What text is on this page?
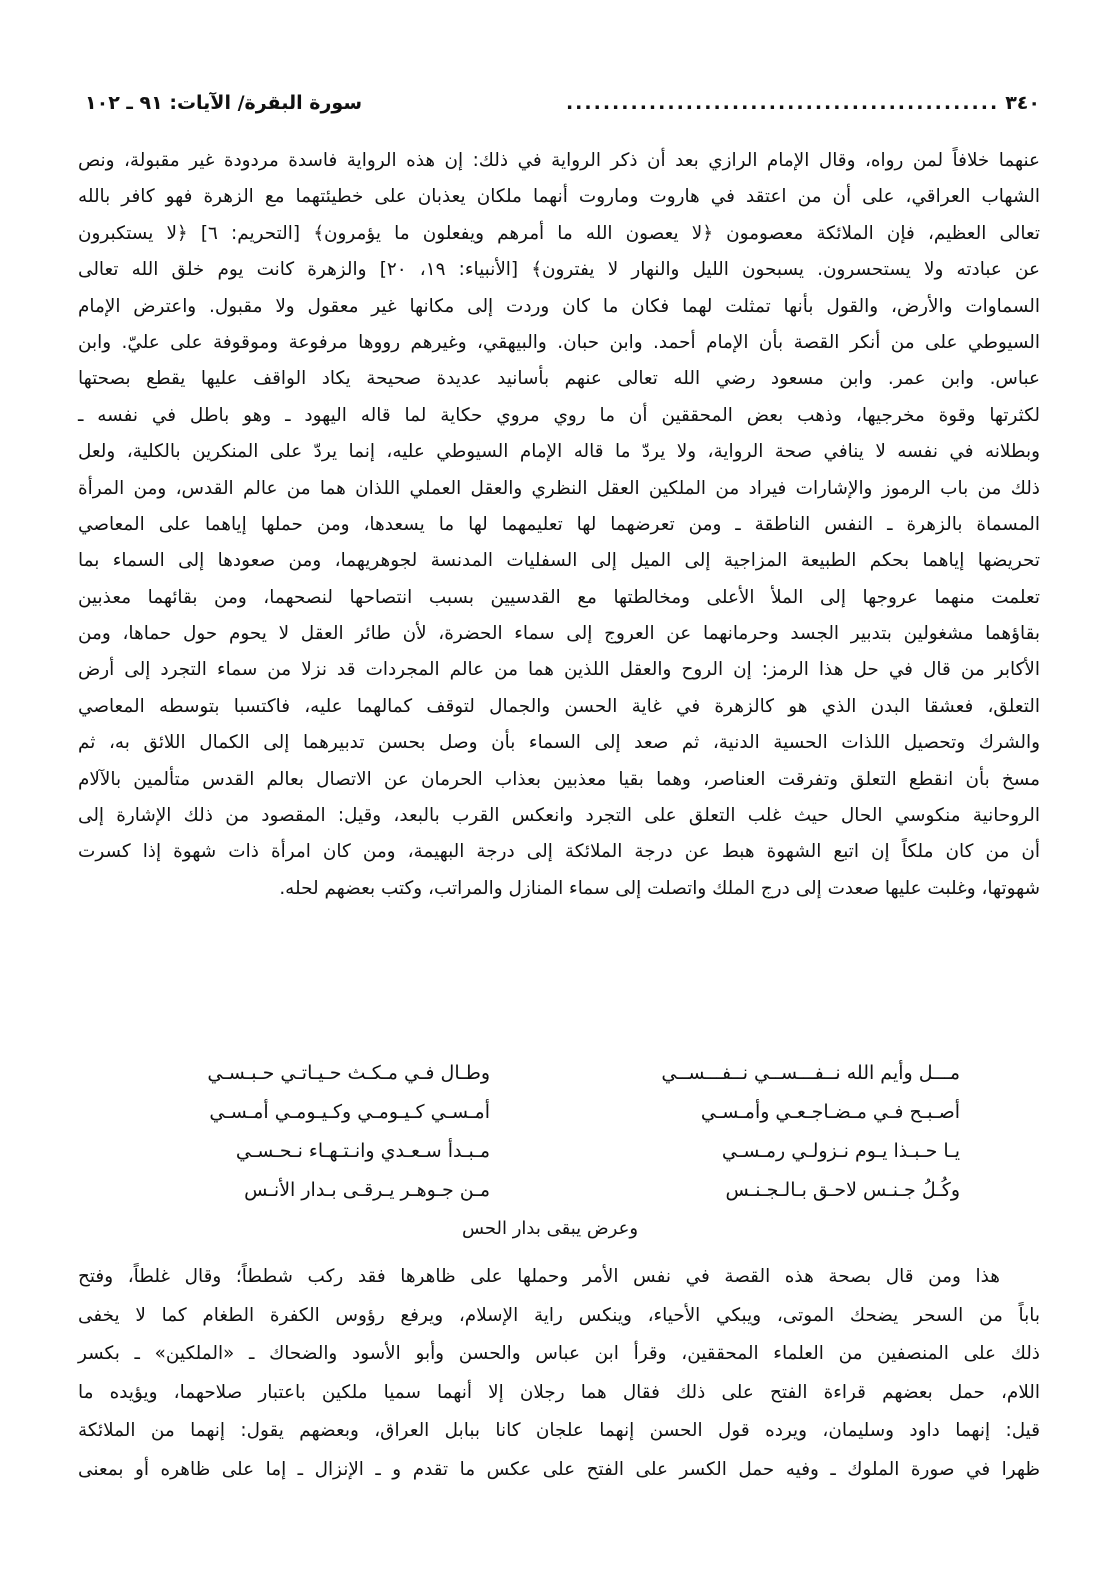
٣٤٠
...............................................
سورة البقرة/ الآيات: ٩١ ـ ١٠٢
عنهما خلافاً لمن رواه، وقال الإمام الرازي بعد أن ذكر الرواية في ذلك: إن هذه الرواية فاسدة مردودة غير مقبولة، ونص
الشهاب العراقي، على أن من اعتقد في هاروت وماروت أنهما ملكان يعذبان على خطيئتهما مع الزهرة فهو كافر بالله
تعالى العظيم، فإن الملائكة معصومون ﴿لا يعصون الله ما أمرهم ويفعلون ما يؤمرون﴾ [التحريم: ٦] ﴿لا يستكبرون
عن عبادته ولا يستحسرون. يسبحون الليل والنهار لا يفترون﴾ [الأنبياء: ١٩، ٢٠] والزهرة كانت يوم خلق الله تعالى
السماوات والأرض، والقول بأنها تمثلت لهما فكان ما كان وردت إلى مكانها غير معقول ولا مقبول. واعترض الإمام
السيوطي على من أنكر القصة بأن الإمام أحمد. وابن حبان. والبيهقي، وغيرهم رووها مرفوعة وموقوفة على عليّ. وابن
عباس. وابن عمر. وابن مسعود رضي الله تعالى عنهم بأسانيد عديدة صحيحة يكاد الواقف عليها يقطع بصحتها
لكثرتها وقوة مخرجيها، وذهب بعض المحققين أن ما روي مروي حكاية لما قاله اليهود ـ وهو باطل في نفسه ـ
وبطلانه في نفسه لا ينافي صحة الرواية، ولا يردّ ما قاله الإمام السيوطي عليه، إنما يردّ على المنكرين بالكلية، ولعل
ذلك من باب الرموز والإشارات فيراد من الملكين العقل النظري والعقل العملي اللذان هما من عالم القدس، ومن المرأة
المسماة بالزهرة ـ النفس الناطقة ـ ومن تعرضهما لها تعليمهما لها ما يسعدها، ومن حملها إياهما على المعاصي
تحريضها إياهما بحكم الطبيعة المزاجية إلى الميل إلى السفليات المدنسة لجوهريهما، ومن صعودها إلى السماء بما
تعلمت منهما عروجها إلى الملأ الأعلى ومخالطتها مع القدسيين بسبب انتصاحها لنصحهما، ومن بقائهما معذبين
بقاؤهما مشغولين بتدبير الجسد وحرمانهما عن العروج إلى سماء الحضرة، لأن طائر العقل لا يحوم حول حماها، ومن
الأكابر من قال في حل هذا الرمز: إن الروح والعقل اللذين هما من عالم المجردات قد نزلا من سماء التجرد إلى أرض
التعلق، فعشقا البدن الذي هو كالزهرة في غاية الحسن والجمال لتوقف كمالهما عليه، فاكتسبا بتوسطه المعاصي
والشرك وتحصيل اللذات الحسية الدنية، ثم صعد إلى السماء بأن وصل بحسن تدبيرهما إلى الكمال اللائق به، ثم
مسخ بأن انقطع التعلق وتفرقت العناصر، وهما بقيا معذبين بعذاب الحرمان عن الاتصال بعالم القدس متألمين بالآلام
الروحانية منكوسي الحال حيث غلب التعلق على التجرد وانعكس القرب بالبعد، وقيل: المقصود من ذلك الإشارة إلى
أن من كان ملكاً إن اتبع الشهوة هبط عن درجة الملائكة إلى درجة البهيمة، ومن كان امرأة ذات شهوة إذا كسرت
شهوتها، وغلبت عليها صعدت إلى درج الملك واتصلت إلى سماء المنازل والمراتب، وكتب بعضهم لحله.
مـــل وأيم الله نــفـــســي نــفـــســي
وطـال فـي مـكـث حـيـاتـي حـبـسـي
أصـبـح فـي مـضـاجـعـي وأمـسـي
أمـسـي كـيـومـي وكـيـومـي أمـسـي
يـا حـبـذا يـوم نـزولـي رمـسـي
مـبـدأ سـعـدي وانـتـهـاء نـحـسـي
وكُـلُ جـنـس لاحـق بـالـجـنـس
مـن جـوهـر يـرقـى بـدار الأنـس
وعرض يبقى بدار الحس
هذا ومن قال بصحة هذه القصة في نفس الأمر وحملها على ظاهرها فقد ركب شططاً؛ وقال غلطاً، وفتح
باباً من السحر يضحك الموتى، ويبكي الأحياء، وينكس راية الإسلام، ويرفع رؤوس الكفرة الطغام كما لا يخفى
ذلك على المنصفين من العلماء المحققين، وقرأ ابن عباس والحسن وأبو الأسود والضحاك ـ «الملكين» ـ بكسر
اللام، حمل بعضهم قراءة الفتح على ذلك فقال هما رجلان إلا أنهما سميا ملكين باعتبار صلاحهما، ويؤيده ما
قيل: إنهما داود وسليمان، ويرده قول الحسن إنهما علجان كانا ببابل العراق، وبعضهم يقول: إنهما من الملائكة
ظهرا في صورة الملوك ـ وفيه حمل الكسر على الفتح على عكس ما تقدم و ـ الإنزال ـ إما على ظاهره أو بمعنى
